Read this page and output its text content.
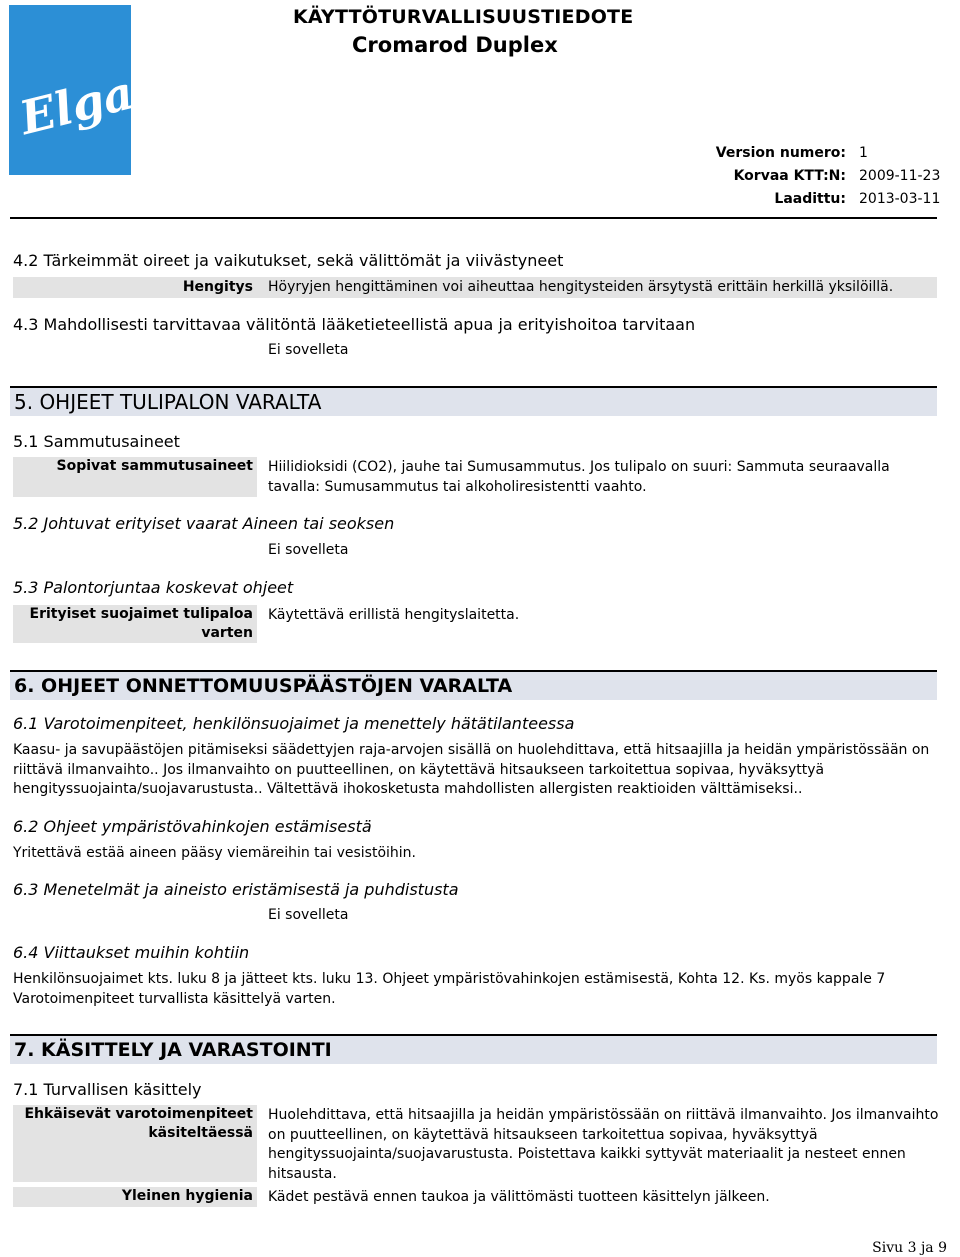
Elga
KÄYTTÖTURVALLISUUSTIEDOTE
Cromarod Duplex
Version numero: 1
Korvaa KTT:N: 2009-11-23
Laadittu: 2013-03-11
4.2 Tärkeimmät oireet ja vaikutukset, sekä välittömät ja viivästyneet
Hengitys Höyryjen hengittäminen voi aiheuttaa hengitysteiden ärsytystä erittäin herkillä yksilöillä.
4.3 Mahdollisesti tarvittavaa välitöntä lääketieteellistä apua ja erityishoitoa tarvitaan
Ei sovelleta
5. OHJEET TULIPALON VARALTA
5.1 Sammutusaineet
Sopivat sammutusaineet Hiilidioksidi (CO2), jauhe tai Sumusammutus. Jos tulipalo on suuri: Sammuta seuraavalla
tavalla: Sumusammutus tai alkoholiresistentti vaahto.
5.2 Johtuvat erityiset vaarat Aineen tai seoksen
Ei sovelleta
5.3 Palontorjuntaa koskevat ohjeet
Erityiset suojaimet tulipaloa
varten
Käytettävä erillistä hengityslaitetta.
6. OHJEET ONNETTOMUUSPÄÄSTÖJEN VARALTA
6.1 Varotoimenpiteet, henkilönsuojaimet ja menettely hätätilanteessa
Kaasu- ja savupäästöjen pitämiseksi säädettyjen raja-arvojen sisällä on huolehdittava, että hitsaajilla ja heidän ympäristössään on
riittävä ilmanvaihto.. Jos ilmanvaihto on puutteellinen, on käytettävä hitsaukseen tarkoitettua sopivaa, hyväksyttyä
hengityssuojainta/suojavarustusta.. Vältettävä ihokosketusta mahdollisten allergisten reaktioiden välttämiseksi..
6.2 Ohjeet ympäristövahinkojen estämisestä
Yritettävä estää aineen pääsy viemäreihin tai vesistöihin.
6.3 Menetelmät ja aineisto eristämisestä ja puhdistusta
Ei sovelleta
6.4 Viittaukset muihin kohtiin
Henkilönsuojaimet kts. luku 8 ja jätteet kts. luku 13. Ohjeet ympäristövahinkojen estämisestä, Kohta 12. Ks. myös kappale 7
Varotoimenpiteet turvallista käsittelyä varten.
7. KÄSITTELY JA VARASTOINTI
7.1 Turvallisen käsittely
Ehkäisevät varotoimenpiteet
käsiteltäessä
Huolehdittava, että hitsaajilla ja heidän ympäristössään on riittävä ilmanvaihto. Jos ilmanvaihto
on puutteellinen, on käytettävä hitsaukseen tarkoitettua sopivaa, hyväksyttyä
hengityssuojainta/suojavarustusta. Poistettava kaikki syttyvät materiaalit ja nesteet ennen
hitsausta.
Yleinen hygienia Kädet pestävä ennen taukoa ja välittömästi tuotteen käsittelyn jälkeen.
Sivu 3 ja 9
